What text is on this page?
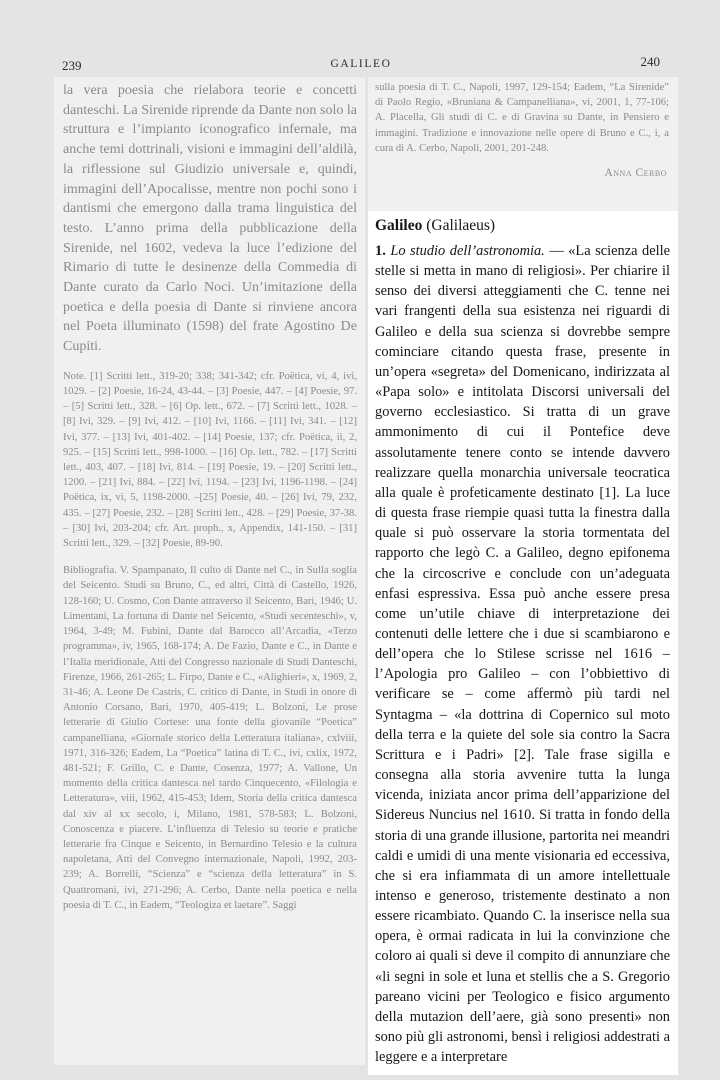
239	GALILEO	240

la vera poesia che rielabora teorie e concetti danteschi. La Sirenide riprende da Dante non solo la struttura e l’impianto iconografico infernale, ma anche temi dottrinali, visioni e immagini dell’aldilà, la riflessione sul Giudizio universale e, quindi, immagini dell’Apocalisse, mentre non pochi sono i dantismi che emergono dalla trama linguistica del testo. L’anno prima della pubblicazione della Sirenide, nel 1602, vedeva la luce l’edizione del Rimario di tutte le desinenze della Commedia di Dante curato da Carlo Noci. Un’imitazione della poetica e della poesia di Dante si rinviene ancora nel Poeta illuminato (1598) del frate Agostino De Cupiti.

Note. [1] Scritti lett., 319-20; 338; 341-342; cfr. Poëtica, vi, 4, ivi, 1029. – [2] Poesie, 16-24, 43-44. – [3] Poesie, 447. – [4] Poesie, 97. – [5] Scritti lett., 328. – [6] Op. lett., 672. – [7] Scritti lett., 1028. – [8] Ivi, 329. – [9] Ivi, 412. – [10] Ivi, 1166. – [11] Ivi, 341. – [12] Ivi, 377. – [13] Ivi, 401-402. – [14] Poesie, 137; cfr. Poëtica, ii, 2, 925. – [15] Scritti lett., 998-1000. – [16] Op. lett., 782. – [17] Scritti lett., 403, 407. – [18] Ivi, 814. – [19] Poesie, 19. – [20] Scritti lett., 1200. – [21] Ivi, 884. – [22] Ivi, 1194. – [23] Ivi, 1196-1198. – [24] Poëtica, ix, vi, 5, 1198-2000. –[25] Poesie, 40. – [26] Ivi, 79, 232, 435. – [27] Poesie, 232. – [28] Scritti lett., 428. – [29] Poesie, 37-38. – [30] Ivi, 203-204; cfr. Art. proph., x, Appendix, 141-150. – [31] Scritti lett., 329. – [32] Poesie, 89-90.

Bibliografia. V. Spampanato, Il culto di Dante nel C., in Sulla soglia del Seicento. Studi su Bruno, C., ed altri, Città di Castello, 1926, 128-160; U. Cosmo, Con Dante attraverso il Seicento, Bari, 1946; U. Limentani, La fortuna di Dante nel Seicento, «Studi secenteschi», v, 1964, 3-49; M. Fubini, Dante dal Barocco all’Arcadia, «Terzo programma», iv, 1965, 168-174; A. De Fazio, Dante e C., in Dante e l’Italia meridionale, Atti del Congresso nazionale di Studi Danteschi, Firenze, 1966, 261-265; L. Firpo, Dante e C., «Alighieri», x, 1969, 2, 31-46; A. Leone De Castris, C. critico di Dante, in Studi in onore di Antonio Corsano, Bari, 1970, 405-419; L. Bolzoni, Le prose letterarie di Giulio Cortese: una fonte della giovanile “Poetica” campanelliana, «Giornale storico della Letteratura italiana», cxlviii, 1971, 316-326; Eadem, La “Poetica” latina di T. C., ivi, cxlix, 1972, 481-521; F. Grillo, C. e Dante, Cosenza, 1977; A. Vallone, Un momento della critica dantesca nel tardo Cinquecento, «Filologia e Letteratura», viii, 1962, 415-453; Idem, Storia della critica dantesca dal xiv al xx secolo, i, Milano, 1981, 578-583; L. Bolzoni, Conoscenza e piacere. L’influenza di Telesio su teorie e pratiche letterarie fra Cinque e Seicento, in Bernardino Telesio e la cultura napoletana, Atti del Convegno internazionale, Napoli, 1992, 203-239; A. Borrelli, “Scienza” e “scienza della letteratura” in S. Quattromani, ivi, 271-296; A. Cerbo, Dante nella poetica e nella poesia di T. C., in Eadem, “Teologiza et laetare”. Saggi

sulla poesia di T. C., Napoli, 1997, 129-154; Eadem, “La Sirenide” di Paolo Regio, «Bruniana & Campanelliana», vi, 2001, 1, 77-106; A. Placella, Gli studi di C. e di Gravina su Dante, in Pensiero e immagini. Tradizione e innovazione nelle opere di Bruno e C., i, a cura di A. Cerbo, Napoli, 2001, 201-248.

Anna Cerbo

Galileo (Galilaeus)

1. Lo studio dell’astronomia. — «La scienza delle stelle si metta in mano di religiosi». Per chiarire il senso dei diversi atteggiamenti che C. tenne nei vari frangenti della sua esistenza nei riguardi di Galileo e della sua scienza si dovrebbe sempre cominciare citando questa frase, presente in un’opera «segreta» del Domenicano, indirizzata al «Papa solo» e intitolata Discorsi universali del governo ecclesiastico. Si tratta di un grave ammonimento di cui il Pontefice deve assolutamente tenere conto se intende davvero realizzare quella monarchia universale teocratica alla quale è profeticamente destinato [1]. La luce di questa frase riempie quasi tutta la finestra dalla quale si può osservare la storia tormentata del rapporto che legò C. a Galileo, degno epifonema che la circoscrive e conclude con un’adeguata enfasi espressiva. Essa può anche essere presa come un’utile chiave di interpretazione dei contenuti delle lettere che i due si scambiarono e dell’opera che lo Stilese scrisse nel 1616 – l’Apologia pro Galileo – con l’obbiettivo di verificare se – come affermò più tardi nel Syntagma – «la dottrina di Copernico sul moto della terra e la quiete del sole sia contro la Sacra Scrittura e i Padri» [2]. Tale frase sigilla e consegna alla storia avvenire tutta la lunga vicenda, iniziata ancor prima dell’apparizione del Sidereus Nuncius nel 1610. Si tratta in fondo della storia di una grande illusione, partorita nei meandri caldi e umidi di una mente visionaria ed eccessiva, che si era infiammata di un amore intellettuale intenso e generoso, tristemente destinato a non essere ricambiato. Quando C. la inserisce nella sua opera, è ormai radicata in lui la convinzione che coloro ai quali si deve il compito di annunziare che «li segni in sole et luna et stellis che a S. Gregorio pareano vicini per Teologico e fisico argumento della mutazion dell’aere, già sono presenti» non sono più gli astronomi, bensì i religiosi addestrati a leggere e a interpretare
